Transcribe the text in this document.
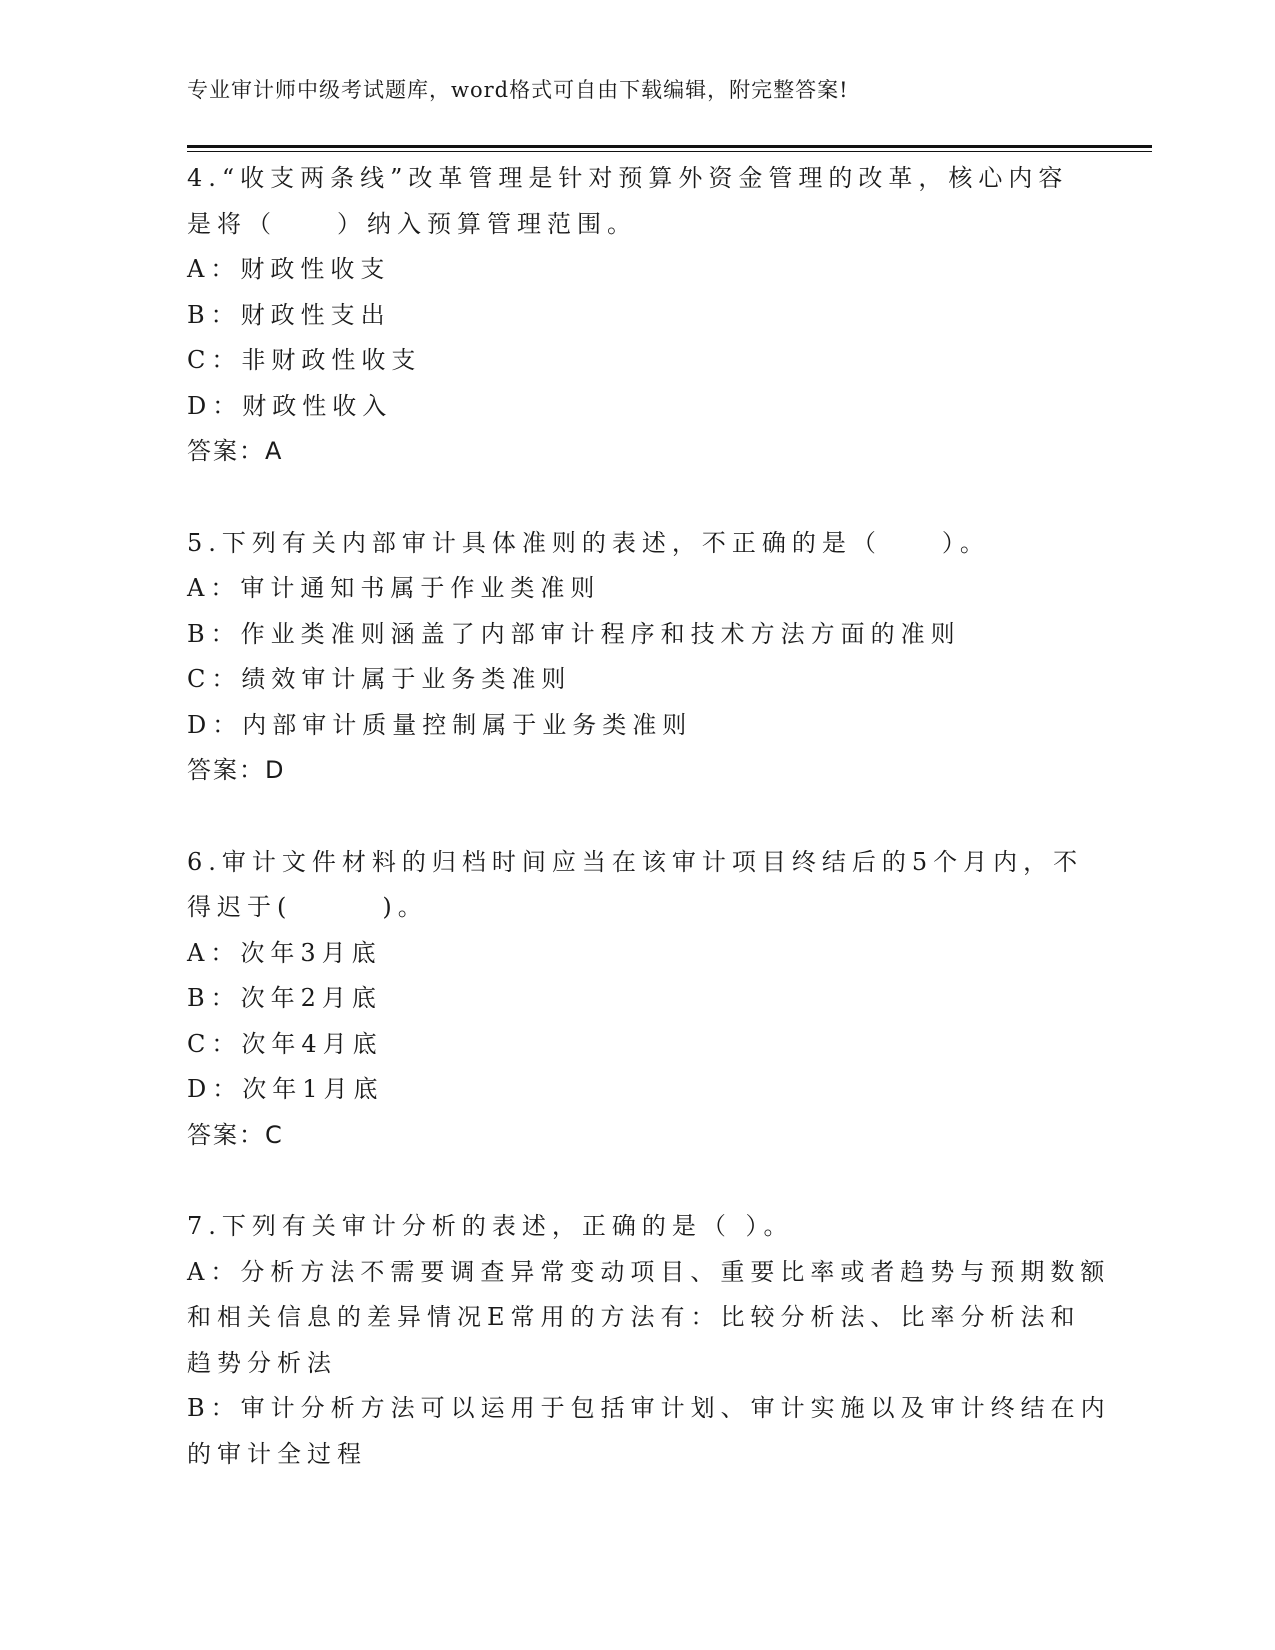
专业审计师中级考试题库，word格式可自由下载编辑，附完整答案!
4.“收支两条线”改革管理是针对预算外资金管理的改革，核心内容
是将（　　）纳入预算管理范围。
A：财政性收支
B：财政性支出
C：非财政性收支
D：财政性收入
答案：A
5.下列有关内部审计具体准则的表述，不正确的是（　　）。
A：审计通知书属于作业类准则
B：作业类准则涵盖了内部审计程序和技术方法方面的准则
C：绩效审计属于业务类准则
D：内部审计质量控制属于业务类准则
答案：D
6.审计文件材料的归档时间应当在该审计项目终结后的5个月内，不
得迟于(　　　)。
A：次年3月底
B：次年2月底
C：次年4月底
D：次年1月底
答案：C
7.下列有关审计分析的表述，正确的是（ ）。
A：分析方法不需要调查异常变动项目、重要比率或者趋势与预期数额
和相关信息的差异情况E常用的方法有：比较分析法、比率分析法和
趋势分析法
B：审计分析方法可以运用于包括审计划、审计实施以及审计终结在内
的审计全过程
